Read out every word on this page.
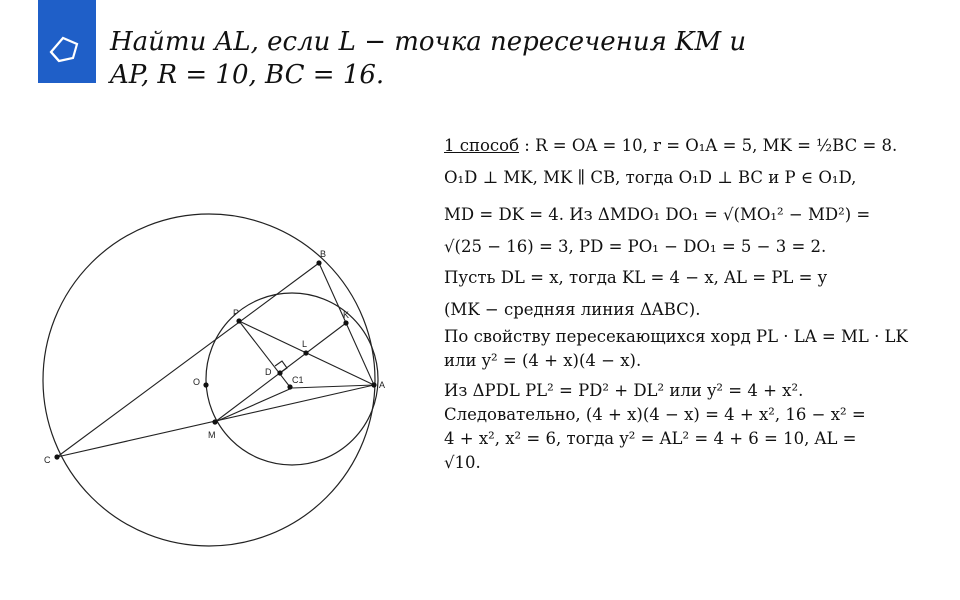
Найти AL, если L − точка пересечения KM и AP, R = 10, BC = 16.
B
K
P
L
O
D
C1	A
M
C
1 способ : R = OA = 10, r = O₁A = 5, MK = ½BC = 8.
O₁D ⊥ MK, MK ∥ CB, тогда O₁D ⊥ BC и P ∈ O₁D,
MD = DK = 4. Из ΔMDO₁ DO₁ = √(MO₁² − MD²) =
√(25 − 16) = 3, PD = PO₁ − DO₁ = 5 − 3 = 2.
Пусть DL = x, тогда KL = 4 − x, AL = PL = y
(MK − средняя линия ΔABC).
По свойству пересекающихся хорд PL · LA = ML · LK
или y² = (4 + x)(4 − x).
Из ΔPDL PL² = PD² + DL² или y² = 4 + x².
Следовательно, (4 + x)(4 − x) = 4 + x², 16 − x² =
4 + x², x² = 6, тогда y² = AL² = 4 + 6 = 10, AL =
√10.
